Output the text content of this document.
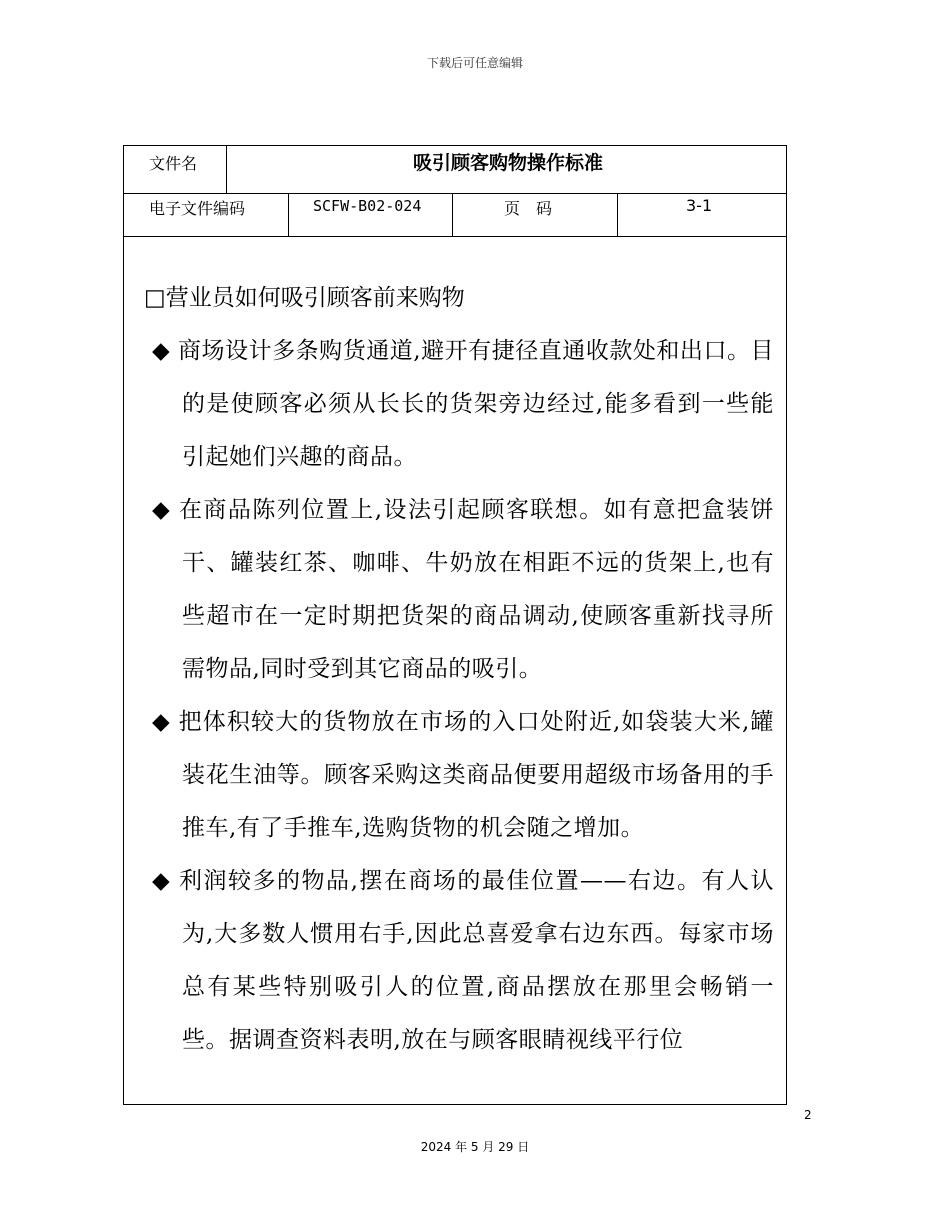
下载后可任意编辑
文件名	吸引顾客购物操作标准
电子文件编码	SCFW-B02-024	页　码	3-1

□营业员如何吸引顾客前来购物

◆ 商场设计多条购货通道,避开有捷径直通收款处和出口。目的是使顾客必须从长长的货架旁边经过,能多看到一些能引起她们兴趣的商品。

◆ 在商品陈列位置上,设法引起顾客联想。如有意把盒装饼干、罐装红茶、咖啡、牛奶放在相距不远的货架上,也有些超市在一定时期把货架的商品调动,使顾客重新找寻所需物品,同时受到其它商品的吸引。

◆ 把体积较大的货物放在市场的入口处附近,如袋装大米,罐装花生油等。顾客采购这类商品便要用超级市场备用的手推车,有了手推车,选购货物的机会随之增加。

◆ 利润较多的物品,摆在商场的最佳位置——右边。有人认为,大多数人惯用右手,因此总喜爱拿右边东西。每家市场总有某些特别吸引人的位置,商品摆放在那里会畅销一些。据调查资料表明,放在与顾客眼睛视线平行位

2
2024 年 5 月 29 日
